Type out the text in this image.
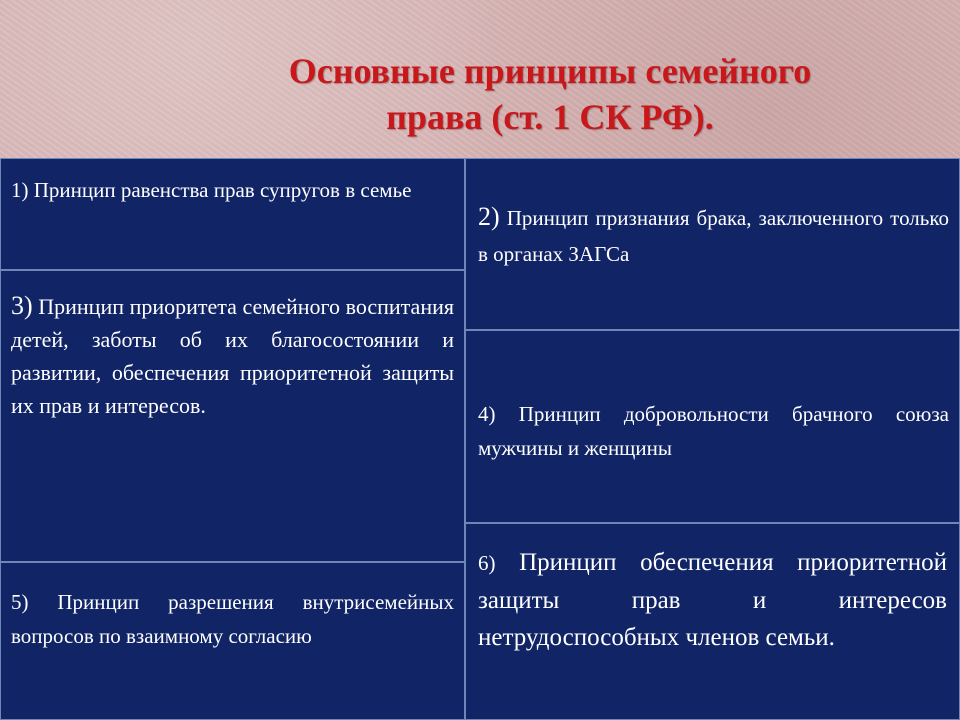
Основные принципы семейного
права (ст. 1 СК РФ).
1) Принцип равенства прав супругов в семье
3) Принцип приоритета семейного воспитания детей, заботы об их благосостоянии и развитии, обеспечения приоритетной защиты их прав и интересов.
5) Принцип разрешения внутрисемейных вопросов по взаимному согласию
2) Принцип признания брака, заключенного только в органах ЗАГСа
4) Принцип добровольности брачного союза мужчины и женщины
6) Принцип обеспечения приоритетной защиты прав и интересов нетрудоспособных членов семьи.
